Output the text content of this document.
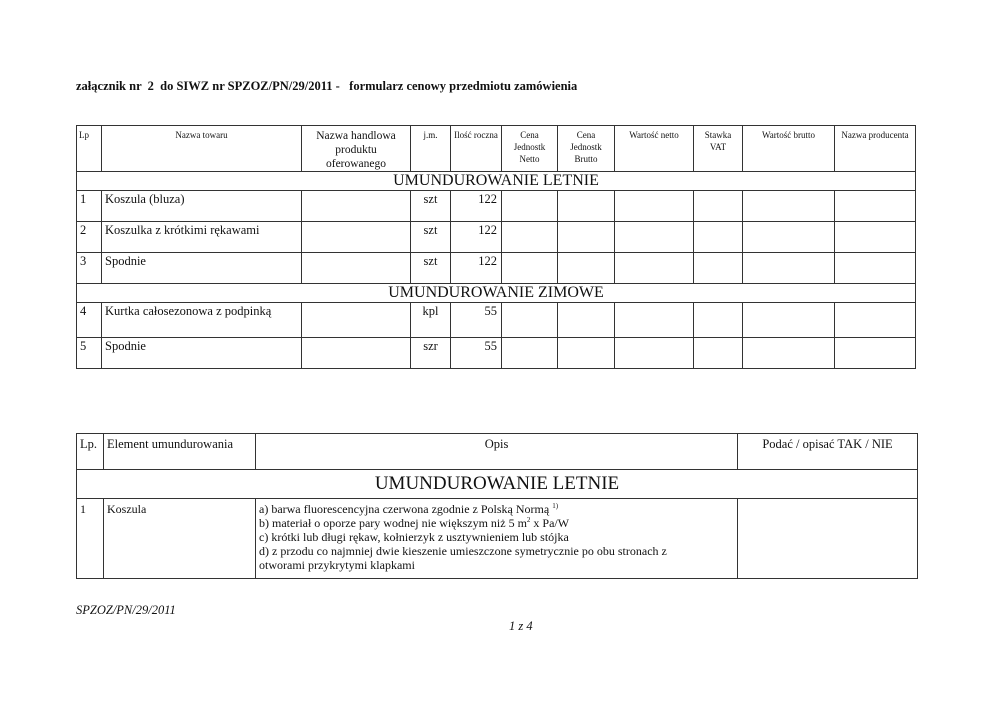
załącznik nr  2  do SIWZ nr SPZOZ/PN/29/2011 -   formularz cenowy przedmiotu zamówienia
Lp	Nazwa towaru	Nazwa handlowa produktu oferowanego	j.m.	Ilość roczna	Cena Jednostk Netto	Cena Jednostk Brutto	Wartość netto	Stawka VAT	Wartość brutto	Nazwa producenta
UMUNDUROWANIE LETNIE										
1	Koszula (bluza)		szt	122						
2	Koszulka z krótkimi rękawami		szt	122						
3	Spodnie		szt	122						
UMUNDUROWANIE ZIMOWE										
4	Kurtka całosezonowa z podpinką		kpl	55						
5	Spodnie		szr	55						
Lp.	Element umundurowania	Opis	Podać / opisać TAK / NIE
UMUNDUROWANIE LETNIE			
1	Koszula	a) barwa fluorescencyjna czerwona zgodnie z Polską Normą $^{1)}$
b) materiał o oporze pary wodnej nie większym niż 5 $m^2$ x Pa/W
c) krótki lub długi rękaw, kołnierzyk z usztywnieniem lub stójka
d) z przodu co najmniej dwie kieszenie umieszczone symetrycznie po obu stronach z
otworami przykrytymi klapkami	

SPZOZ/PN/29/2011
1 z 4
